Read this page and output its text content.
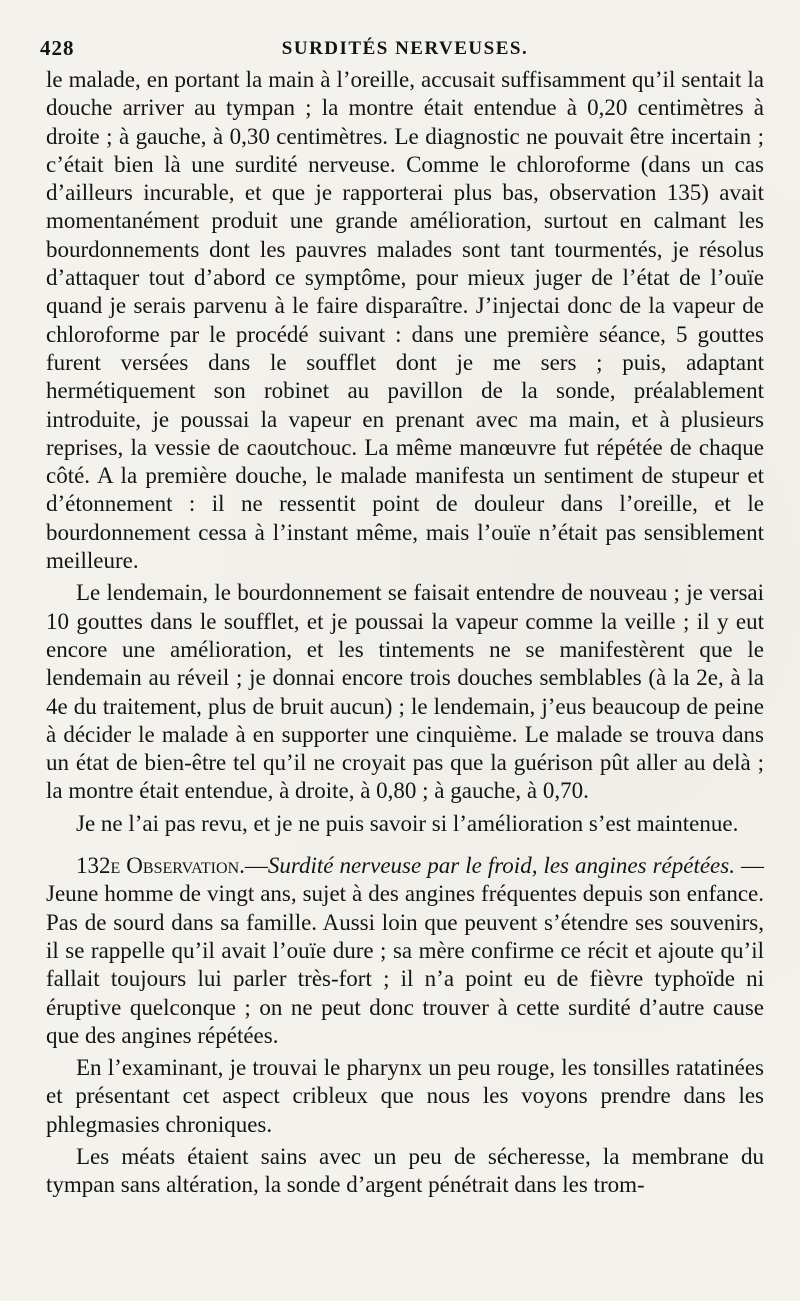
428	SURDITÉS NERVEUSES.

le malade, en portant la main à l’oreille, accusait suffisamment qu’il sentait la douche arriver au tympan ; la montre était entendue à 0,20 centimètres à droite ; à gauche, à 0,30 centimètres. Le diagnostic ne pouvait être incertain ; c’était bien là une surdité nerveuse. Comme le chloroforme (dans un cas d’ailleurs incurable, et que je rapporterai plus bas, observation 135) avait momentanément produit une grande amélioration, surtout en calmant les bourdonnements dont les pauvres malades sont tant tourmentés, je résolus d’attaquer tout d’abord ce symptôme, pour mieux juger de l’état de l’ouïe quand je serais parvenu à le faire disparaître. J’injectai donc de la vapeur de chloroforme par le procédé suivant : dans une première séance, 5 gouttes furent versées dans le soufflet dont je me sers ; puis, adaptant hermétiquement son robinet au pavillon de la sonde, préalablement introduite, je poussai la vapeur en prenant avec ma main, et à plusieurs reprises, la vessie de caoutchouc. La même manœuvre fut répétée de chaque côté. A la première douche, le malade manifesta un sentiment de stupeur et d’étonnement : il ne ressentit point de douleur dans l’oreille, et le bourdonnement cessa à l’instant même, mais l’ouïe n’était pas sensiblement meilleure.

Le lendemain, le bourdonnement se faisait entendre de nouveau ; je versai 10 gouttes dans le soufflet, et je poussai la vapeur comme la veille ; il y eut encore une amélioration, et les tintements ne se manifestèrent que le lendemain au réveil ; je donnai encore trois douches semblables (à la 2e, à la 4e du traitement, plus de bruit aucun) ; le lendemain, j’eus beaucoup de peine à décider le malade à en supporter une cinquième. Le malade se trouva dans un état de bien-être tel qu’il ne croyait pas que la guérison pût aller au delà ; la montre était entendue, à droite, à 0,80 ; à gauche, à 0,70.

Je ne l’ai pas revu, et je ne puis savoir si l’amélioration s’est maintenue.

132e Observation.—Surdité nerveuse par le froid, les angines répétées. — Jeune homme de vingt ans, sujet à des angines fréquentes depuis son enfance. Pas de sourd dans sa famille. Aussi loin que peuvent s’étendre ses souvenirs, il se rappelle qu’il avait l’ouïe dure ; sa mère confirme ce récit et ajoute qu’il fallait toujours lui parler très-fort ; il n’a point eu de fièvre typhoïde ni éruptive quelconque ; on ne peut donc trouver à cette surdité d’autre cause que des angines répétées.

En l’examinant, je trouvai le pharynx un peu rouge, les tonsilles ratatinées et présentant cet aspect cribleux que nous les voyons prendre dans les phlegmasies chroniques.

Les méats étaient sains avec un peu de sécheresse, la membrane du tympan sans altération, la sonde d’argent pénétrait dans les trom-
